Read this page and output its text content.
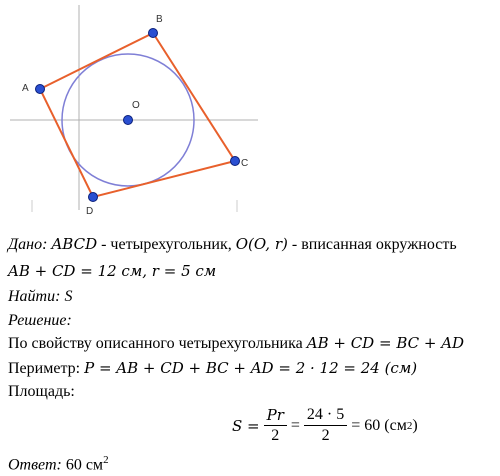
A
B
C
D
O
Дано: ABCD - четырехугольник, O(O, r) - вписанная окружность
AB + CD = 12 см, r = 5 см
Найти: S
Решение:
По свойству описанного четырехугольника AB + CD = BC + AD
Периметр: P = AB + CD + BC + AD = 2 · 12 = 24 (см)
Площадь:
$S = \frac{Pr}{2} = \frac{24 \cdot 5}{2} = 60$ (см 2 )
Ответ: 60 $см^2$
